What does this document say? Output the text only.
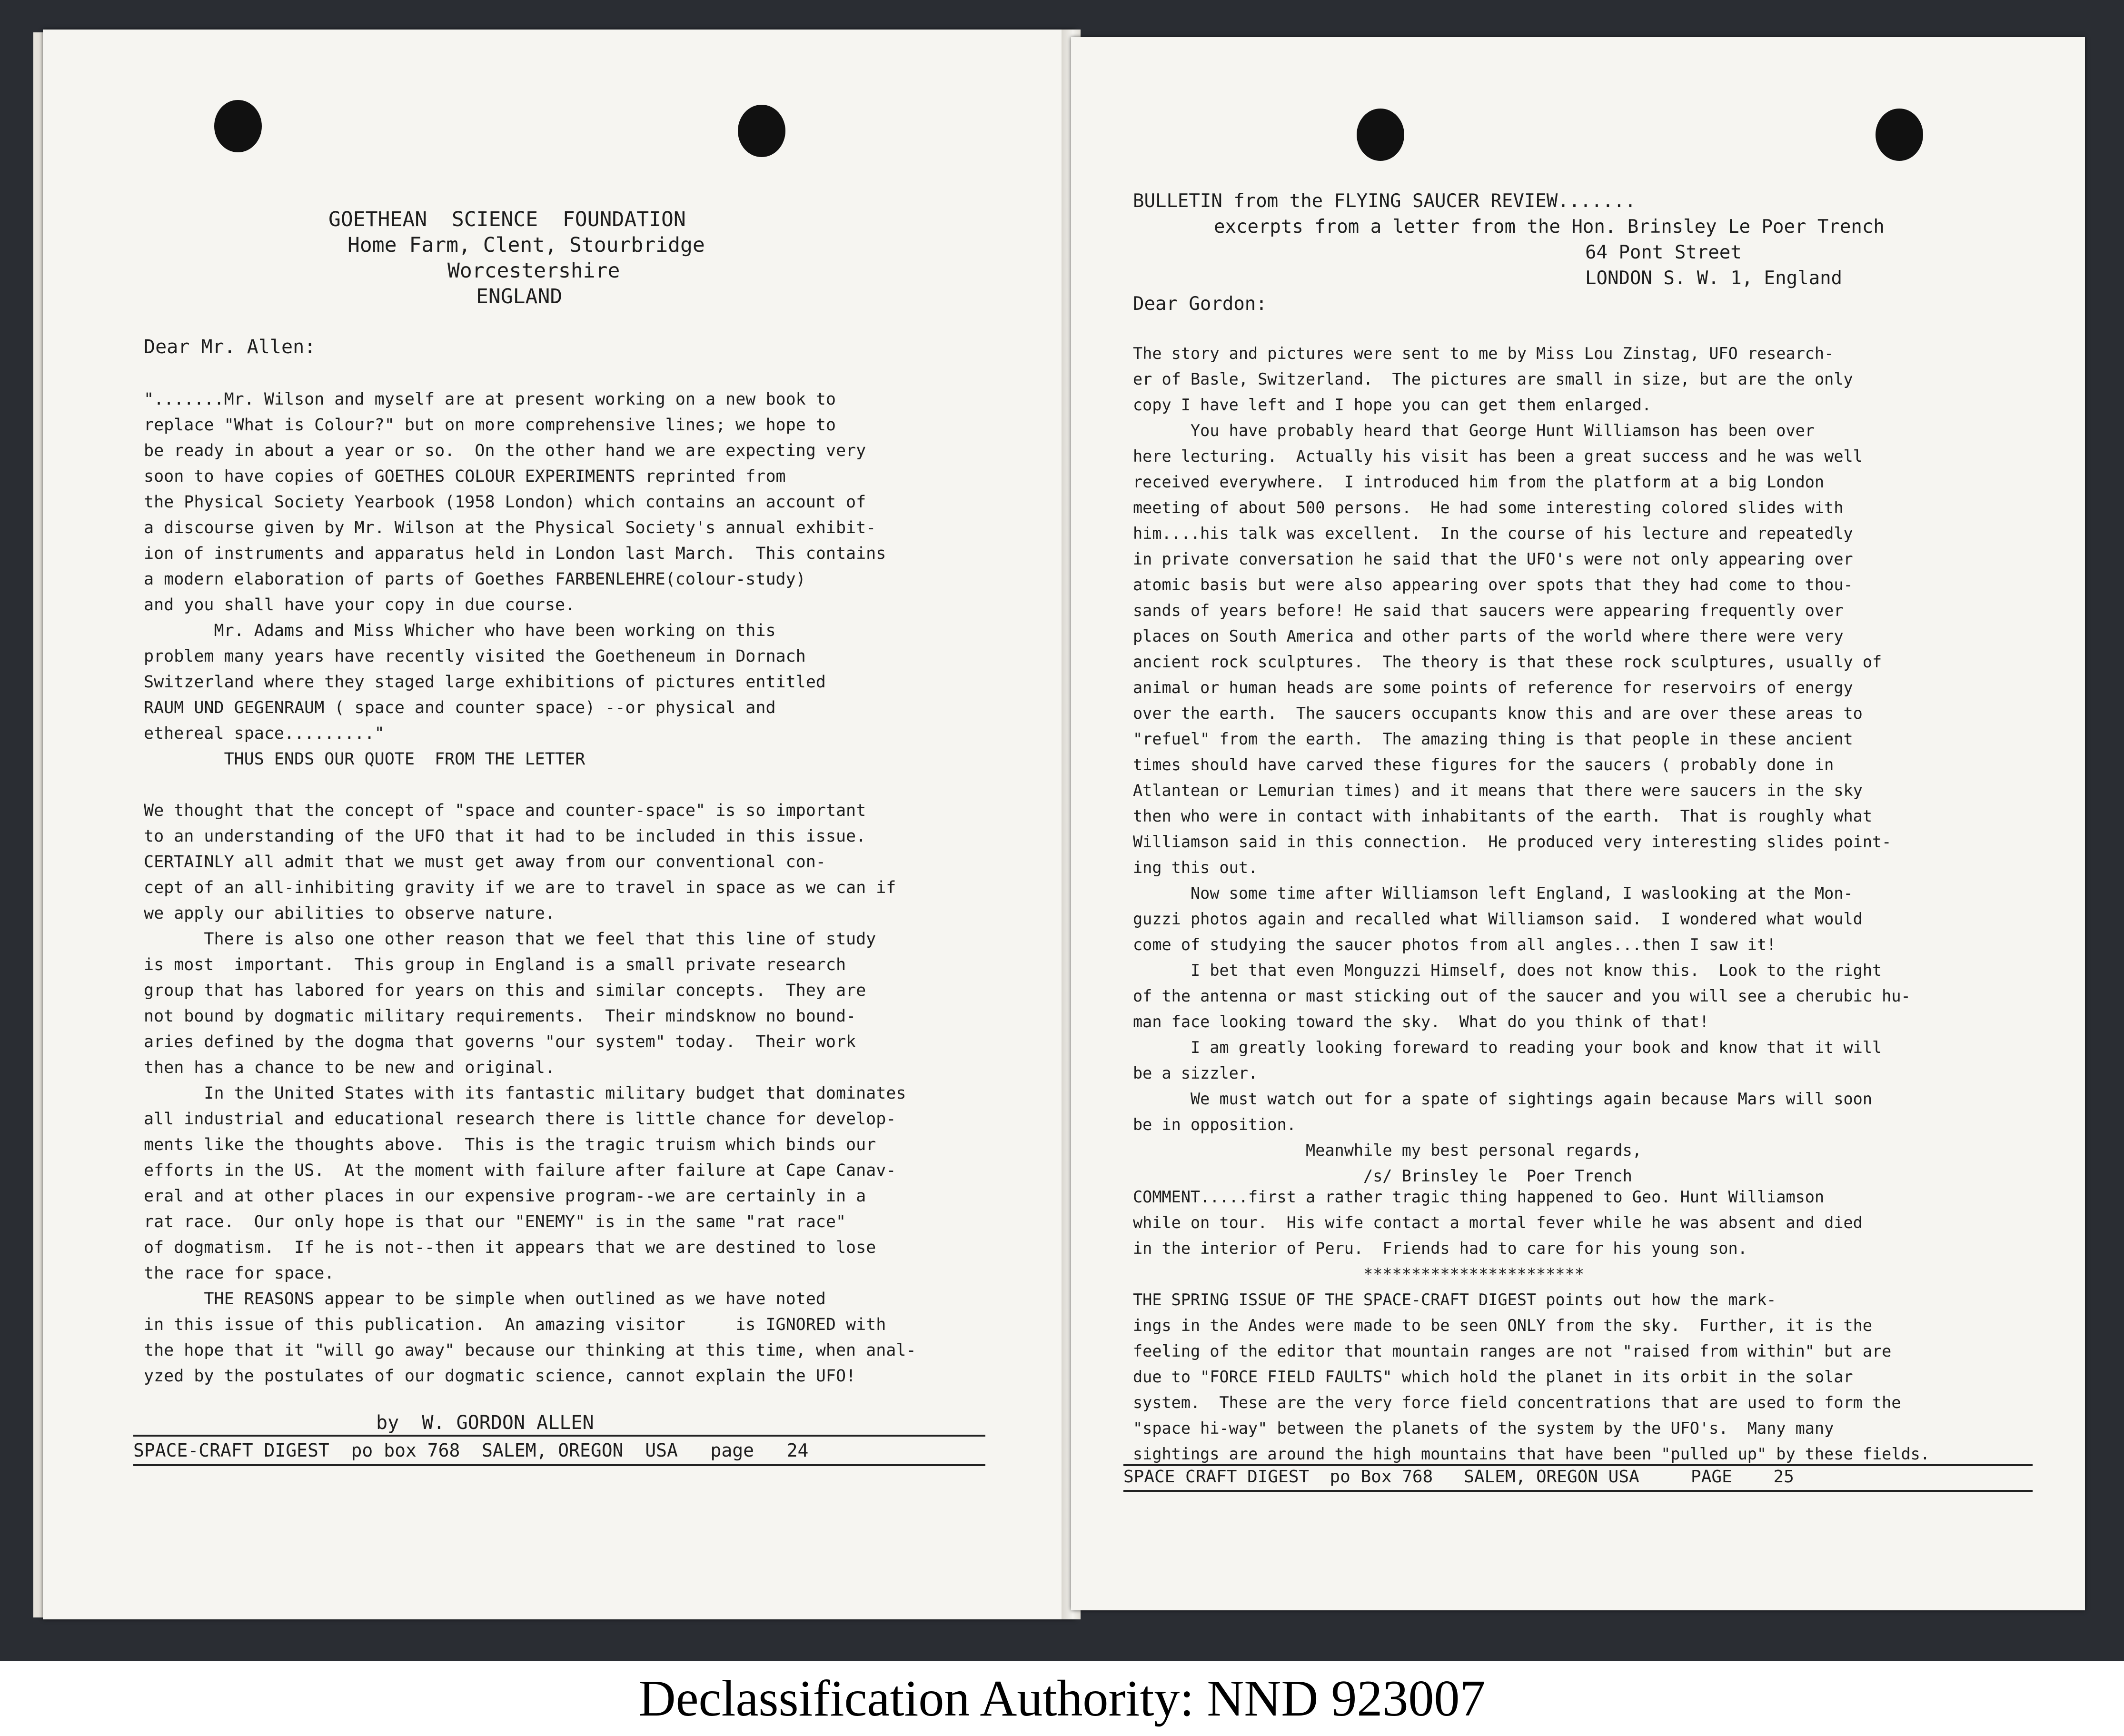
GOETHEAN  SCIENCE  FOUNDATION
Home Farm, Clent, Stourbridge
Worcestershire
ENGLAND
Dear Mr. Allen:
".......Mr. Wilson and myself are at present working on a new book to
replace "What is Colour?" but on more comprehensive lines; we hope to
be ready in about a year or so.  On the other hand we are expecting very
soon to have copies of GOETHES COLOUR EXPERIMENTS reprinted from
the Physical Society Yearbook (1958 London) which contains an account of
a discourse given by Mr. Wilson at the Physical Society's annual exhibit-
ion of instruments and apparatus held in London last March.  This contains
a modern elaboration of parts of Goethes FARBENLEHRE(colour-study)
and you shall have your copy in due course.
Mr. Adams and Miss Whicher who have been working on this
problem many years have recently visited the Goetheneum in Dornach
Switzerland where they staged large exhibitions of pictures entitled
RAUM UND GEGENRAUM ( space and counter space) --or physical and
ethereal space........."
THUS ENDS OUR QUOTE  FROM THE LETTER
We thought that the concept of "space and counter-space" is so important
to an understanding of the UFO that it had to be included in this issue.
CERTAINLY all admit that we must get away from our conventional con-
cept of an all-inhibiting gravity if we are to travel in space as we can if
we apply our abilities to observe nature.
There is also one other reason that we feel that this line of study
is most  important.  This group in England is a small private research
group that has labored for years on this and similar concepts.  They are
not bound by dogmatic military requirements.  Their mindsknow no bound-
aries defined by the dogma that governs "our system" today.  Their work
then has a chance to be new and original.
In the United States with its fantastic military budget that dominates
all industrial and educational research there is little chance for develop-
ments like the thoughts above.  This is the tragic truism which binds our
efforts in the US.  At the moment with failure after failure at Cape Canav-
eral and at other places in our expensive program--we are certainly in a
rat race.  Our only hope is that our "ENEMY" is in the same "rat race"
of dogmatism.  If he is not--then it appears that we are destined to lose
the race for space.
THE REASONS appear to be simple when outlined as we have noted
in this issue of this publication.  An amazing visitor     is IGNORED with
the hope that it "will go away" because our thinking at this time, when anal-
yzed by the postulates of our dogmatic science, cannot explain the UFO!
by  W. GORDON ALLEN
SPACE-CRAFT DIGEST  po box 768  SALEM, OREGON  USA   page   24
BULLETIN from the FLYING SAUCER REVIEW.......
excerpts from a letter from the Hon. Brinsley Le Poer Trench
64 Pont Street
LONDON S. W. 1, England
Dear Gordon:
The story and pictures were sent to me by Miss Lou Zinstag, UFO research-
er of Basle, Switzerland.  The pictures are small in size, but are the only
copy I have left and I hope you can get them enlarged.
You have probably heard that George Hunt Williamson has been over
here lecturing.  Actually his visit has been a great success and he was well
received everywhere.  I introduced him from the platform at a big London
meeting of about 500 persons.  He had some interesting colored slides with
him....his talk was excellent.  In the course of his lecture and repeatedly
in private conversation he said that the UFO's were not only appearing over
atomic basis but were also appearing over spots that they had come to thou-
sands of years before! He said that saucers were appearing frequently over
places on South America and other parts of the world where there were very
ancient rock sculptures.  The theory is that these rock sculptures, usually of
animal or human heads are some points of reference for reservoirs of energy
over the earth.  The saucers occupants know this and are over these areas to
"refuel" from the earth.  The amazing thing is that people in these ancient
times should have carved these figures for the saucers ( probably done in
Atlantean or Lemurian times) and it means that there were saucers in the sky
then who were in contact with inhabitants of the earth.  That is roughly what
Williamson said in this connection.  He produced very interesting slides point-
ing this out.
Now some time after Williamson left England, I waslooking at the Mon-
guzzi photos again and recalled what Williamson said.  I wondered what would
come of studying the saucer photos from all angles...then I saw it!
I bet that even Monguzzi Himself, does not know this.  Look to the right
of the antenna or mast sticking out of the saucer and you will see a cherubic hu-
man face looking toward the sky.  What do you think of that!
I am greatly looking foreward to reading your book and know that it will
be a sizzler.
We must watch out for a spate of sightings again because Mars will soon
be in opposition.
Meanwhile my best personal regards,
/s/ Brinsley le  Poer Trench
COMMENT.....first a rather tragic thing happened to Geo. Hunt Williamson
while on tour.  His wife contact a mortal fever while he was absent and died
in the interior of Peru.  Friends had to care for his young son.
***********************
THE SPRING ISSUE OF THE SPACE-CRAFT DIGEST points out how the mark-
ings in the Andes were made to be seen ONLY from the sky.  Further, it is the
feeling of the editor that mountain ranges are not "raised from within" but are
due to "FORCE FIELD FAULTS" which hold the planet in its orbit in the solar
system.  These are the very force field concentrations that are used to form the
"space hi-way" between the planets of the system by the UFO's.  Many many
sightings are around the high mountains that have been "pulled up" by these fields.
SPACE CRAFT DIGEST  po Box 768   SALEM, OREGON USA     PAGE    25
Declassification Authority: NND 923007
